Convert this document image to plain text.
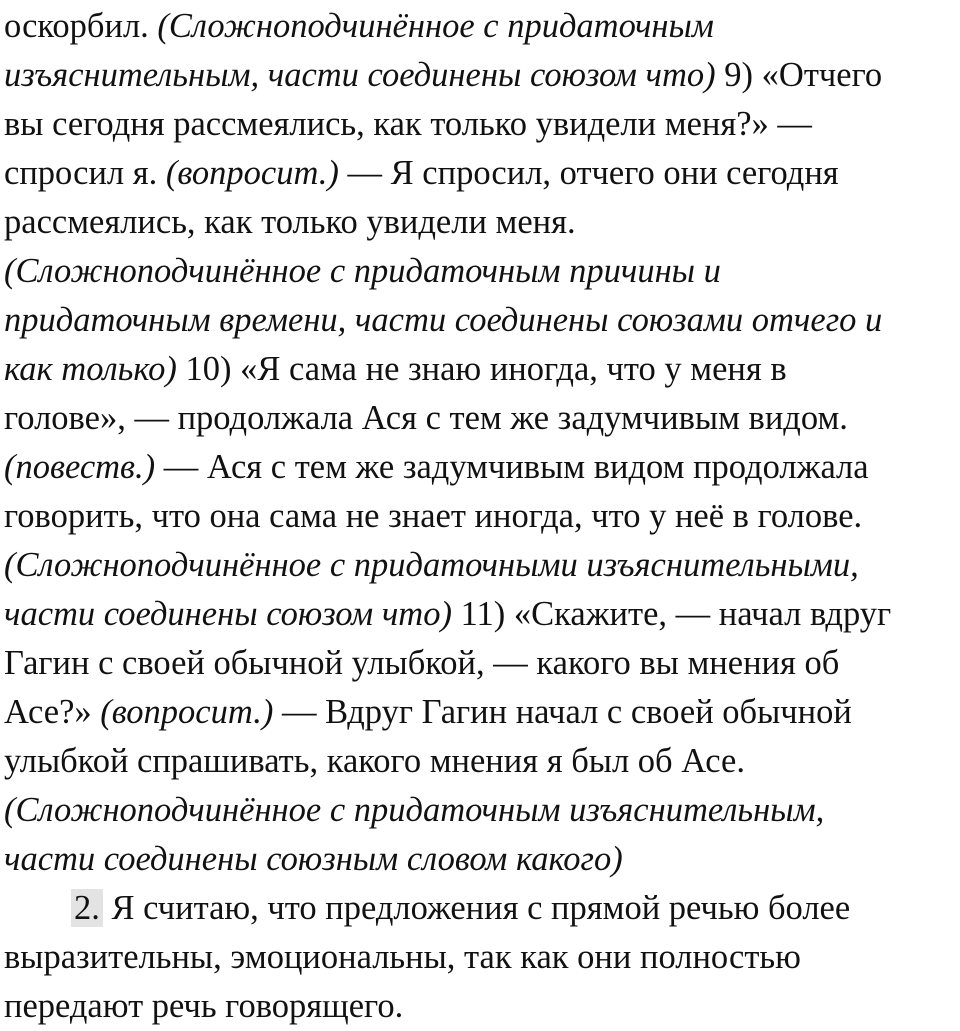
оскорбил. (Сложноподчинённое с придаточным
изъяснительным, части соединены союзом что) 9) «Отчего
вы сегодня рассмеялись, как только увидели меня?» —
спросил я. (вопросит.) — Я спросил, отчего они сегодня
рассмеялись, как только увидели меня.
(Сложноподчинённое с придаточным причины и
придаточным времени, части соединены союзами отчего и
как только) 10) «Я сама не знаю иногда, что у меня в
голове», — продолжала Ася с тем же задумчивым видом.
(повеств.) — Ася с тем же задумчивым видом продолжала
говорить, что она сама не знает иногда, что у неё в голове.
(Сложноподчинённое с придаточными изъяснительными,
части соединены союзом что) 11) «Скажите, — начал вдруг
Гагин с своей обычной улыбкой, — какого вы мнения об
Асе?» (вопросит.) — Вдруг Гагин начал с своей обычной
улыбкой спрашивать, какого мнения я был об Асе.
(Сложноподчинённое с придаточным изъяснительным,
части соединены союзным словом какого)
2. Я считаю, что предложения с прямой речью более
выразительны, эмоциональны, так как они полностью
передают речь говорящего.
